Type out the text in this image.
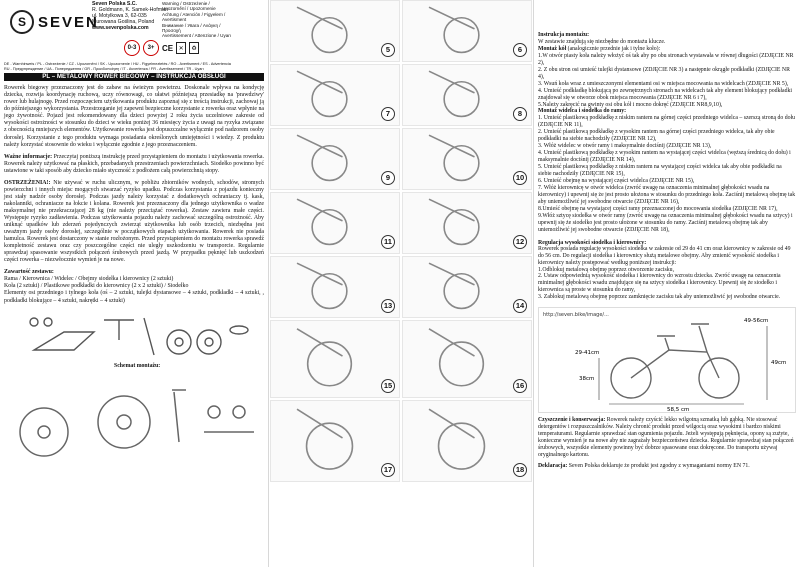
S SEVEN
Seven Polska S.C.
R. Goldmann, K. Samek-Hofman
ul. Motylkowa 3, 62-035
Murowana Goślina, Poland
www.sevenpolska.com
Warning / Ostrzeżenie / Upozornění / Upozornenie
Achtung / Atención / Figyelem / Avertisment
Внимание / Увага / Ανάγκη / Προσοχή
Avertissement / Attenzione / Uyarı
0-3	3+ CE ✕	♻

DE - Warnhinweis / PL - Ostrzeżenie / CZ - Upozornění / SK - Upozornenie / HU - Figyelmeztetés / RO - Avertisment / ES - Advertencia

RU - Предупреждение / UA - Попередження / GR - Προειδοποίηση / IT - Avvertenza / FR - Avertissement / TR - Uyarı

PL – METALOWY ROWER BIEGOWY – INSTRUKCJA OBSŁUGI

Rowerek biegowy przeznaczony jest do zabaw na świeżym powietrzu. Doskonale wpływa na kondycję dziecka, rozwija koordynację ruchową, uczy równowagi, co ułatwi późniejszą przesiadkę na 'prawdziwy' rower lub hulajnogę. Przed rozpoczęciem użytkowania produktu zapoznaj się z treścią instrukcji, zachowaj ją do późniejszego wykorzystania. Przestrzeganie jej zapewni bezpieczne korzystanie z rowerka oraz wpłynie na jego żywotność. Pojazd jest rekomendowany dla dzieci powyżej 2 roku życia uczelniowe zakresie od wysokości ostrożności w stosunku do dzieci w wieku poniżej 36 miesięcy życia z uwagi na ryzyka związane z obecnością mniejszych elementów. Użytkowanie rowerka jest dopuszczalne wyłącznie pod nadzorem osoby dorosłej. Korzystanie z tego produktu wymaga posiadania określonych umiejętności i wiedzy. Z produktu należy korzystać stosownie do wieku i wyłącznie zgodnie z jego przeznaczeniem.

Ważne informacje: Przeczytaj poniższą instrukcję przed przystąpieniem do montażu i użytkowania rowerka. Rowerek należy użytkować na płaskich, przebadanych przestrzeniach powierzchniach. Siodełko powinno być ustawione w taki sposób aby dziecko miało styczność z podłożem całą powierzchnią stopy.

OSTRZEŻENIA!: Nie używać w ruchu ulicznym, w pobliżu zbiorników wodnych, schodów, stromych powierzchni i innych miejsc mogących stwarzać ryzyko upadku. Podczas korzystania z pojazdu konieczny jest stały nadzór osoby dorosłej. Podczas jazdy należy korzystać z dodatkowych ochraniaczy tj. kask, nakolanniki, ochraniacze na łokcie i kolana. Rowerek jest przeznaczony dla jednego użytkownika o wadze maksymalnej nie przekraczającej 28 kg (nie należy przeciążać rowerka). Zestaw zawiera małe części. Występuje ryzyko zadławienia. Podczas użytkowania pojazdu należy zachować szczególną ostrożność. Aby uniknąć upadków lub zderzeń pojedynczych zwierząt użytkownika lub osób trzecich, niezbędna jest uważnym jazdy osoby dorosłej, szczególnie w początkowych etapach użytkowania. Rowerek nie posiada hamulca. Rowerek jest dostarczony w stanie rozłożonym. Przed przystąpieniem do montażu rowerka sprawdź kompletność zestawu oraz czy poszczególne części nie uległy uszkodzeniu w transporcie. Regularnie sprawdzaj spasowanie wszystkich połączeń śrubowych przed jazdą. W przypadku pęknięć lub uszkodzeń części rowerka – niezwłocznie wymień je na nowe.

Zawartość zestawu:
Rama / Kierownica / Widelec / Obejmy siodełka i kierownicy (2 sztuki)
Koła (2 sztuki) / Plastikowe podkładki do kierownicy (2 x 2 sztuki) / Siodełko
Elementy osi przedniego i tylnego koła (oś – 2 sztuki, tulejki dystansowe – 4 sztuki, podkładki – 4 sztuki, , podkładki blokujące – 4 sztuki, nakrętki – 4 sztuki)

Schemat montażu:
5	6
7	8
9	10
11	12
13	14
15	16
17	18

Instrukcja montażu:

W zestawie znajdują się niezbędne do montażu klucze.

Montaż kół (analogicznie przednie jak i tylne koło):

1.W otwór piasty koła należy włożyć oś tak aby po obu stronach wystawała w równej długości (ZDJĘCIE NR 2),

2. Z obu stron osi umieść tulejki dystansowe (ZDJĘCIE NR 3) a następnie okrągłe podkładki (ZDJĘCIE NR 4),

3. Wsuń koła wraz z umieszczonymi elementami osi w miejsca mocowania na widelcach (ZDJĘCIE NR 5),

4. Umieść podkładkę blokującą po zewnętrznych stronach na widelcach tak aby element blokujący podkładki znajdował się w otworze obok miejsca mocowania (ZDJĘCIE NR 6 i 7),

5.Należy zakręcić na gwinty osi obu kół i mocno dokręć (ZDJĘCIE NR8,9,10),

Montaż widelca i siodełka do ramy:

1. Umieść plastikową podkładkę z niskim rantem na górnej części przedniego widelca – szerszą stroną do dołu (ZDJĘCIE NR 11),

2. Umieść plastikową podkładkę z wysokim rantem na górnej części przedniego widelca, tak aby obie podkładki na siebie nachodziły (ZDJĘCIE NR 12),

3. Włóż widelec w otwór ramy i maksymalnie dociśnij (ZDJĘCIE NR 13),

4. Umieść plastikową podkładkę z wysokim rantem na wystającej części widelca (węższą średnicą do dołu) i maksymalnie dociśnij (ZDJĘCIE NR 14),

5. Umieść plastikową podkładkę z niskim rantem na wystającej części widelca tak aby obie podkładki na siebie nachodziły (ZDJĘCIE NR 15),

6. Umieść obejmę na wystającej części widelca (ZDJĘCIE NR 15),

7. Włóż kierownicę w otwór widelca (zwróć uwagę na oznaczenia minimalnej głębokości wsadu na kierownicy) i upewnij się że jest prosto ułożona w stosunku do przedniego koła. Zaciśnij metalową obejmę tak aby uniemożliwić jej swobodne otwarcie (ZDJĘCIE NR 16),

8.Umieść obejmę na wystającej części ramy przeznaczonej do mocowania siodełka (ZDJĘCIE NR 17),

9.Włóż sztycę siodełka w otwór ramy (zwróć uwagę na oznaczenia minimalnej głębokości wsadu na sztycy) i upewnij się że siodełko jest prosto ułożone w stosunku do ramy. Zaciśnij metalową obejmę tak aby uniemożliwić jej swobodne otwarcie (ZDJĘCIE NR 18),

Regulacja wysokości siodełka i kierownicy:

Rowerek posiada regulację wysokości siodełka w zakresie od 29 do 41 cm oraz kierownicy w zakresie od 49 do 56 cm. Do regulacji siodełka i kierownicy służą metalowe obejmy. Aby zmienić wysokość siodełka i kierownicy należy postępować według poniższej instrukcji:

1.Odblokuj metalową obejmę poprzez otworzenie zacisku,

2. Ustaw odpowiednią wysokość siodełka i kierownicy do wzrostu dziecka. Zwróć uwagę na oznaczenia minimalnej głębokości wsadu znajdujące się na sztycy siodełka i kierownicy. Upewnij się że siodełko i kierownica są proste w stosunku do ramy,

3. Zablokuj metalową obejmę poprzez zamknięcie zacisku tak aby uniemożliwić jej swobodne otwarcie.

http://seven.bike/image/...
29-41cm
38cm
49-56cm
49cm
58,5 cm

Czyszczenie i konserwacja: Rowerek należy czyścić lekko wilgotną szmatką lub gąbką. Nie stosować detergentów i rozpuszczalników. Należy chronić produkt przed wilgocią oraz wysokimi i bardzo niskimi temperaturami. Regularnie sprawdzać stan ogumienia pojazdu. Jeżeli występują pęknięcia, opony są zużyte, konieczne wymień je na nowe aby nie zagrażały bezpieczeństwu dziecka. Regularnie sprawdzaj stan połączeń śrubowych, wszystkie elementy powinny być dobrze spasowane oraz dokręcone. Do transportu używaj oryginalnego kartonu.

Deklaracja: Seven Polska deklaruje że produkt jest zgodny z wymaganiami normy EN 71.
